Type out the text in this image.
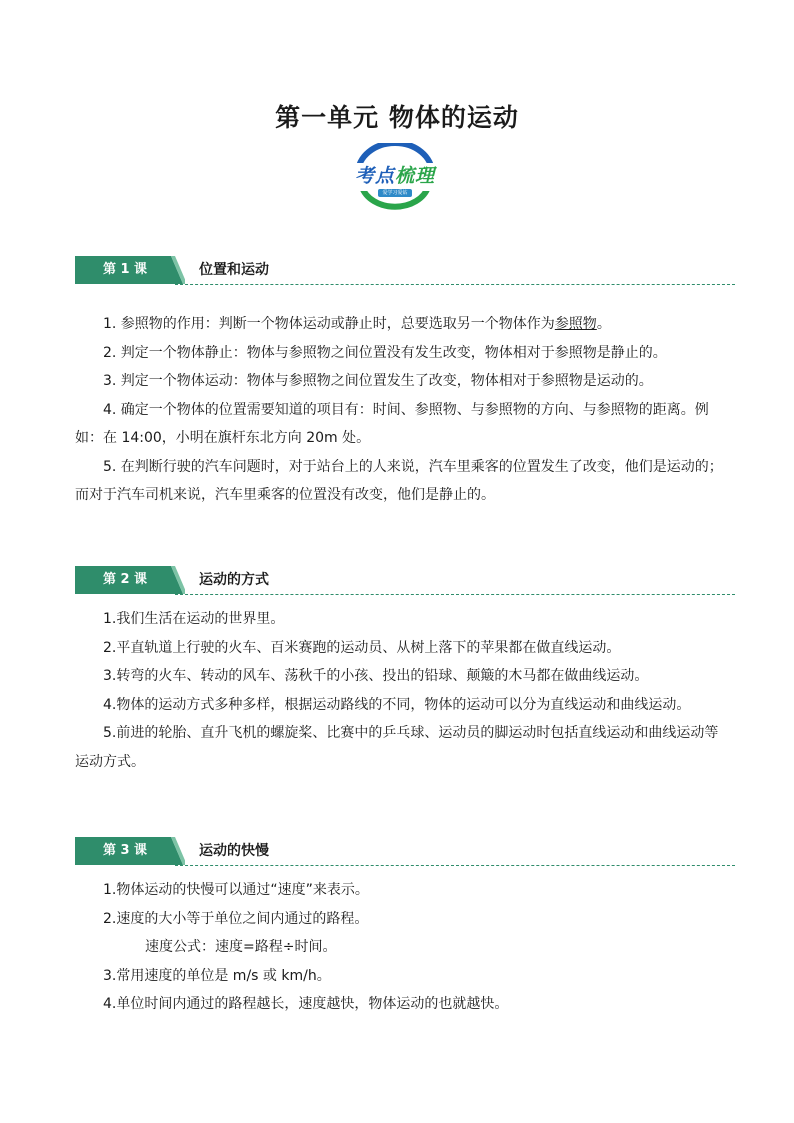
第一单元 物体的运动
考点梳理
爱学习爱钻
第 1 课	位置和运动

1. 参照物的作用：判断一个物体运动或静止时，总要选取另一个物体作为参照物。

2. 判定一个物体静止：物体与参照物之间位置没有发生改变，物体相对于参照物是静止的。

3. 判定一个物体运动：物体与参照物之间位置发生了改变，物体相对于参照物是运动的。

4. 确定一个物体的位置需要知道的项目有：时间、参照物、与参照物的方向、与参照物的距离。例如：在 14:00，小明在旗杆东北方向 20m 处。

5. 在判断行驶的汽车问题时，对于站台上的人来说，汽车里乘客的位置发生了改变，他们是运动的；而对于汽车司机来说，汽车里乘客的位置没有改变，他们是静止的。

第 2 课	运动的方式

1.我们生活在运动的世界里。

2.平直轨道上行驶的火车、百米赛跑的运动员、从树上落下的苹果都在做直线运动。

3.转弯的火车、转动的风车、荡秋千的小孩、投出的铅球、颠簸的木马都在做曲线运动。

4.物体的运动方式多种多样，根据运动路线的不同，物体的运动可以分为直线运动和曲线运动。

5.前进的轮胎、直升飞机的螺旋桨、比赛中的乒乓球、运动员的脚运动时包括直线运动和曲线运动等运动方式。

第 3 课	运动的快慢

1.物体运动的快慢可以通过“速度”来表示。

2.速度的大小等于单位之间内通过的路程。

速度公式：速度=路程÷时间。

3.常用速度的单位是 m/s 或 km/h。

4.单位时间内通过的路程越长，速度越快，物体运动的也就越快。
